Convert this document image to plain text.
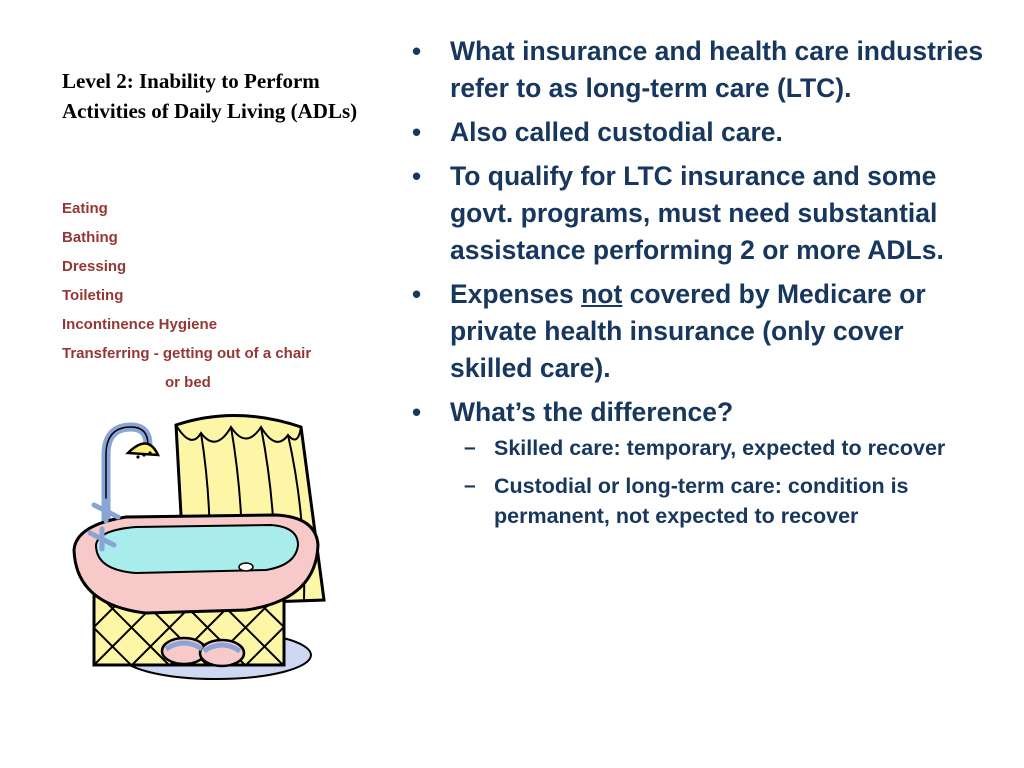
Level 2: Inability to Perform Activities of Daily Living (ADLs)
Eating
Bathing
Dressing
Toileting
Incontinence Hygiene
Transferring - getting out of a chair
or bed
• What insurance and health care industries refer to as long-term care (LTC).
• Also called custodial care.
• To qualify for LTC insurance and some govt. programs, must need substantial assistance performing 2 or more ADLs.
• Expenses not covered by Medicare or private health insurance (only cover skilled care).
• What’s the difference?
– Skilled care: temporary, expected to recover
– Custodial or long-term care: condition is permanent, not expected to recover
